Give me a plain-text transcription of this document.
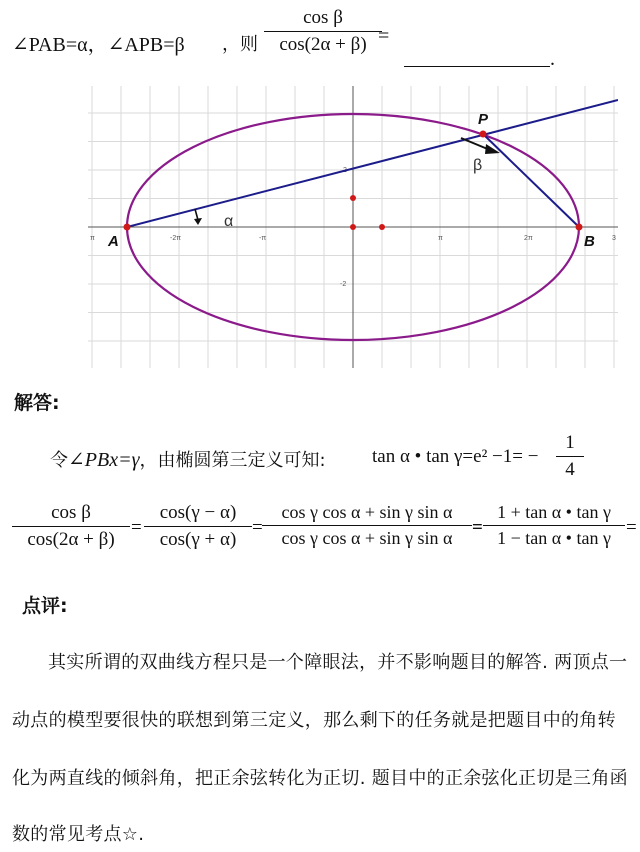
∠PAB=α，∠APB=β ，则
cos β
cos(2α + β) =
.
π	-2π	-π	π	2π	3
-2
A	B
P
α
β
解答:
令∠PBx=γ，由椭圆第三定义可知: tan α • tan γ=e² −1= −
1
4
cos β
cos(2α + β)
=
cos(γ − α)
cos(γ + α)
=
cos γ cos α + sin γ sin α
cos γ cos α + sin γ sin α	=
1 + tan α • tan γ
1 − tan α • tan γ =
点评:
其实所谓的双曲线方程只是一个障眼法，并不影响题目的解答. 两顶点一
动点的模型要很快的联想到第三定义，那么剩下的任务就是把题目中的角转
化为两直线的倾斜角，把正余弦转化为正切. 题目中的正余弦化正切是三角函
数的常见考点☆.
